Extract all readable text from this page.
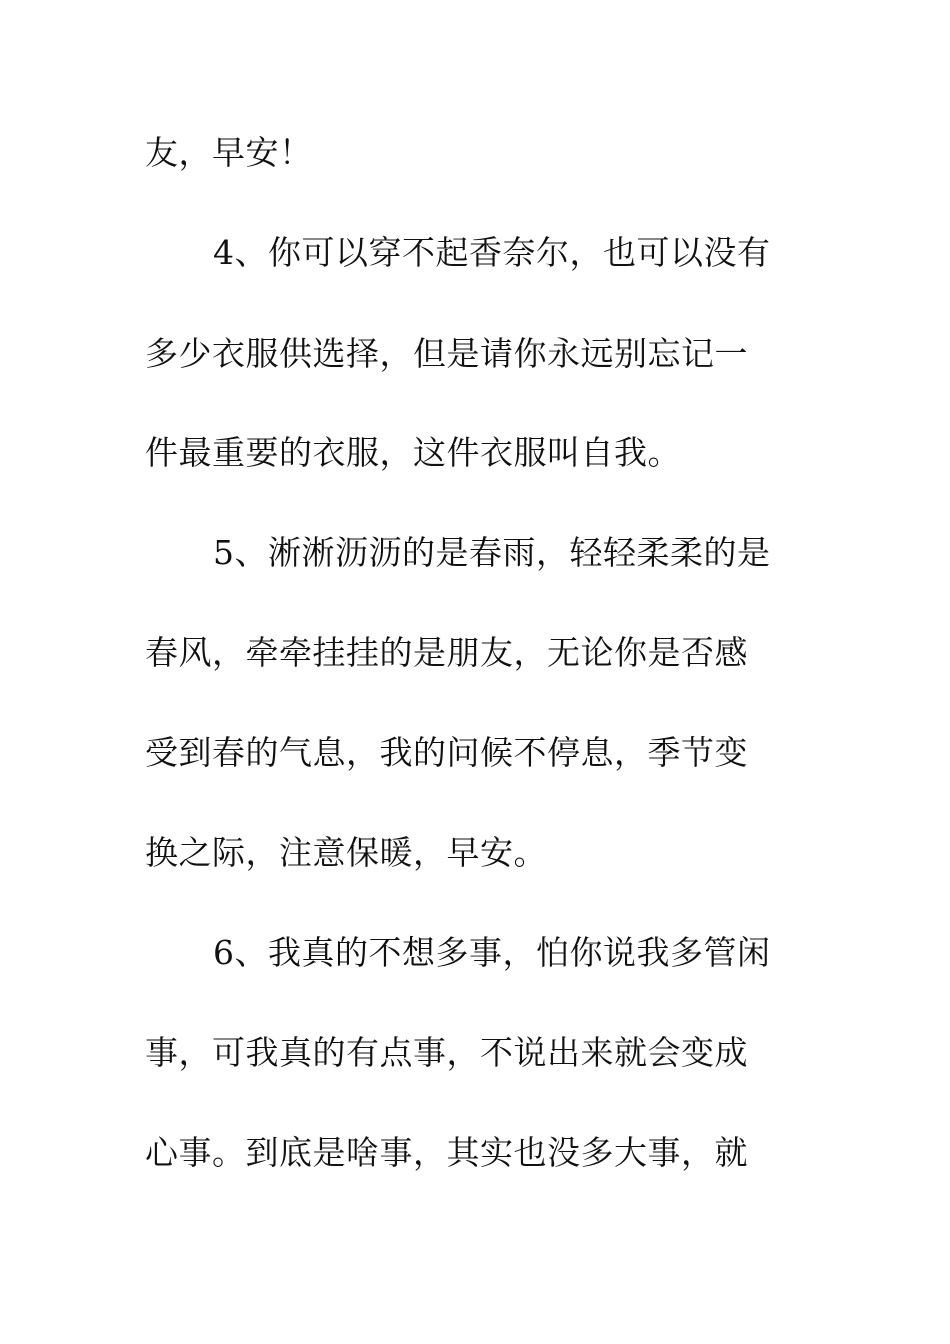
友，早安！
4、你可以穿不起香奈尔，也可以没有
多少衣服供选择，但是请你永远别忘记一
件最重要的衣服，这件衣服叫自我。
5、淅淅沥沥的是春雨，轻轻柔柔的是
春风，牵牵挂挂的是朋友，无论你是否感
受到春的气息，我的问候不停息，季节变
换之际，注意保暖，早安。
6、我真的不想多事，怕你说我多管闲
事，可我真的有点事，不说出来就会变成
心事。到底是啥事，其实也没多大事，就
